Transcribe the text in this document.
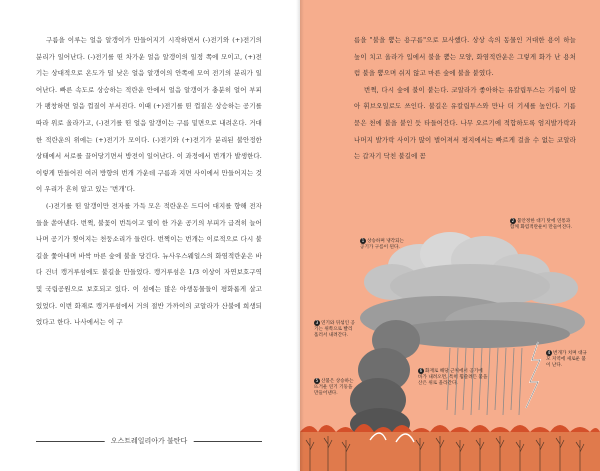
구름을 이루는 얼음 알갱이가 만들어지기 시작하면서 (-)전기와 (+)전기의 분리가 일어난다. (-)전기를 띤 차가운 얼음 알갱이의 일정 쪽에 모이고, (+)전기는 상대적으로 온도가 덜 낮은 얼음 알갱이의 안쪽에 모여 전기의 분리가 일어난다. 빠른 속도로 상승하는 적란운 안에서 얼음 알갱이가 충분히 얼어 부피가 팽창하면 얼음 껍질이 부서진다. 이때 (+)전기를 띤 껍질은 상승하는 공기를 따라 위로 올라가고, (-)전기를 띤 얼음 알갱이는 구름 밑면으로 내려온다. 거대한 적란운의 위에는 (+)전기가 모이다. (-)전기와 (+)전기가 분리된 불안정한 상태에서 서로를 끌어당기면서 방전이 일어난다. 이 과정에서 번개가 발생한다. 이렇게 만들어진 여러 방향의 번개 가운데 구름과 지면 사이에서 만들어지는 것이 우리가 흔히 알고 있는 '번개'다.

(-)전기를 띤 알갱이만 전자를 가득 모은 적란운은 드디어 대지를 향해 전자들을 쏟아낸다. 번쩍, 불꽃이 번득이고 열이 한 가운 공기의 부피가 급격히 늘어나며 공기가 찢어지는 천둥소리가 들린다. 번쩍이는 번개는 이로적으로 다시 불길을 쫓아내며 바싹 마른 숲에 불을 당긴다. 뉴사우스웨일스의 화염적란운은 바다 건너 캥거루섬에도 불길을 만들었다. 캥거루섬은 1/3 이상이 자연보호구역 및 국립공원으로 보호되고 있다. 이 섬에는 많은 야생동물들이 평화롭게 살고 있었다. 이번 화재로 캥거루섬에서 거의 절반 가까이의 코알라가 산불에 희생되었다고 한다. 나사에서는 이 구

오스트레일리아가 불탄다

름을 "불을 뿜는 용구름"으로 묘사했다. 상상 속의 동물인 거대한 용이 하늘 높이 치고 올라가 입에서 불을 뿜는 모양, 화염적란운은 그렇게 화가 난 용처럼 불을 뿜으며 쉬지 않고 마른 숲에 불을 붙였다.

번쩍, 다시 숲에 불이 붙는다. 코알라가 좋아하는 유칼립투스는 기름이 많아 휘브오일로도 쓰인다. 불길은 유칼립투스와 만나 더 기세를 높인다. 기름 묻은 천에 불을 붙인 듯 타들어간다. 나무 오르기에 적합하도록 엄지발가락과 나머지 발가락 사이가 많이 벌어져서 평지에서는 빠르게 걸을 수 없는 코알라는 갑자기 닥친 불길에 꼼

1 상승하며 냉각되는 공기가 구름이 된다.
2 불안정한 대기 탓에 연통과 함께 화염적란운이 만들어진다.
3 연기와 뒤섞인 공기는 위쪽으로 빨리 흘러서 내려간다.
4 번개가 치며 대규모 지역에 새로운 불이 난다.
5 산불은 상승하는 뜨거운 연기 기둥을 만들어낸다.
6 화재로 해당 근처에서 공기에 바가 내려오면, 특히 휩쓸려든 불을 산은 위로 올라간다.
